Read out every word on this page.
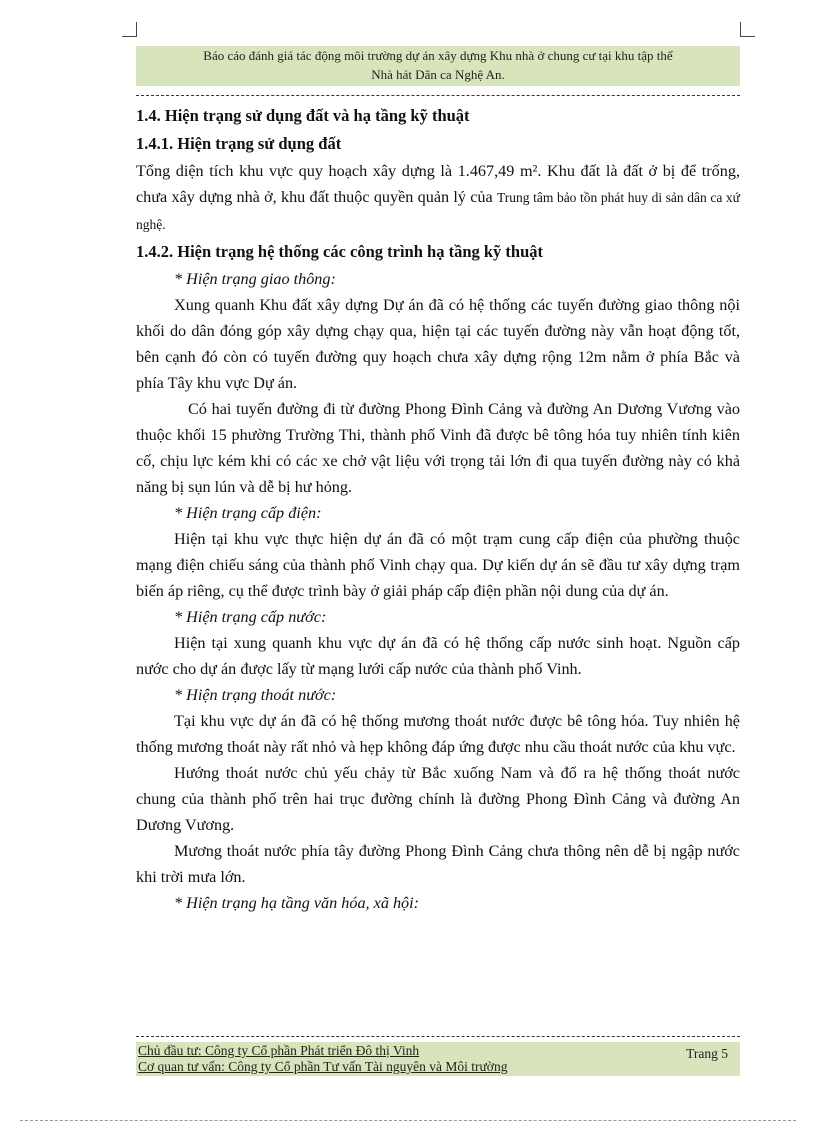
Báo cáo đánh giá tác động môi trường dự án xây dựng Khu nhà ở chung cư tại khu tập thể
Nhà hát Dân ca Nghệ An.

1.4. Hiện trạng sử dụng đất và hạ tầng kỹ thuật

1.4.1. Hiện trạng sử dụng đất

Tổng diện tích khu vực quy hoạch xây dựng là 1.467,49 m². Khu đất là đất ở bị để trống, chưa xây dựng nhà ở, khu đất thuộc quyền quản lý của Trung tâm bảo tồn phát huy di sản dân ca xứ nghệ.

1.4.2. Hiện trạng hệ thống các công trình hạ tầng kỹ thuật

* Hiện trạng giao thông:

Xung quanh Khu đất xây dựng Dự án đã có hệ thống các tuyến đường giao thông nội khối do dân đóng góp xây dựng chạy qua, hiện tại các tuyến đường này vẫn hoạt động tốt, bên cạnh đó còn có tuyến đường quy hoạch chưa xây dựng rộng 12m nằm ở phía Bắc và phía Tây khu vực Dự án.

Có hai tuyến đường đi từ đường Phong Đình Cảng và đường An Dương Vương vào thuộc khối 15 phường Trường Thi, thành phố Vinh đã được bê tông hóa tuy nhiên tính kiên cố, chịu lực kém khi có các xe chở vật liệu với trọng tải lớn đi qua tuyến đường này có khả năng bị sụn lún và dễ bị hư hỏng.

* Hiện trạng cấp điện:

Hiện tại khu vực thực hiện dự án đã có một trạm cung cấp điện của phường thuộc mạng điện chiếu sáng của thành phố Vinh chạy qua. Dự kiến dự án sẽ đầu tư xây dựng trạm biến áp riêng, cụ thể được trình bày ở giải pháp cấp điện phần nội dung của dự án.

* Hiện trạng cấp nước:

Hiện tại xung quanh khu vực dự án đã có hệ thống cấp nước sinh hoạt. Nguồn cấp nước cho dự án được lấy từ mạng lưới cấp nước của thành phố Vinh.

* Hiện trạng thoát nước:

Tại khu vực dự án đã có hệ thống mương thoát nước được bê tông hóa. Tuy nhiên hệ thống mương thoát này rất nhỏ và hẹp không đáp ứng được nhu cầu thoát nước của khu vực.

Hướng thoát nước chủ yếu chảy từ Bắc xuống Nam và đổ ra hệ thống thoát nước chung của thành phố trên hai trục đường chính là đường Phong Đình Cảng và đường An Dương Vương.

Mương thoát nước phía tây đường Phong Đình Cảng chưa thông nên dễ bị ngập nước khi trời mưa lớn.

* Hiện trạng hạ tầng văn hóa, xã hội:

Chủ đầu tư: Công ty Cổ phần Phát triển Đô thị Vinh
Cơ quan tư vấn: Công ty Cổ phần Tư vấn Tài nguyên và Môi trường
Trang 5
